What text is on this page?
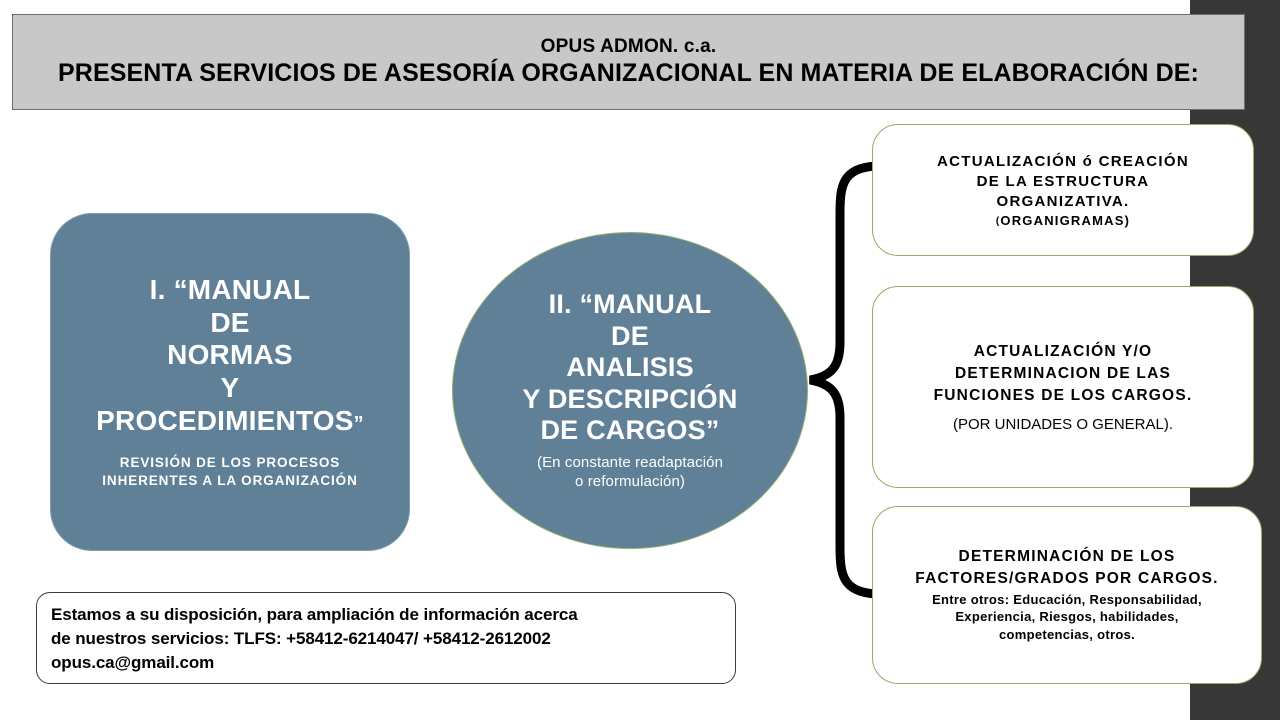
OPUS ADMON. c.a.
PRESENTA SERVICIOS DE ASESORÍA ORGANIZACIONAL EN MATERIA DE ELABORACIÓN DE:
I. “MANUAL
DE
NORMAS
Y
PROCEDIMIENTOS”
REVISIÓN DE LOS PROCESOS
INHERENTES A LA ORGANIZACIÓN
II. “MANUAL
DE
ANALISIS
Y DESCRIPCIÓN
DE CARGOS”
(En constante readaptación
o reformulación)
ACTUALIZACIÓN ó CREACIÓN
DE LA ESTRUCTURA
ORGANIZATIVA.
(ORGANIGRAMAS)
ACTUALIZACIÓN Y/O
DETERMINACION DE LAS
FUNCIONES DE LOS CARGOS.
(POR UNIDADES O GENERAL).
DETERMINACIÓN DE LOS
FACTORES/GRADOS POR CARGOS.
Entre otros: Educación, Responsabilidad,
Experiencia, Riesgos, habilidades,
competencias, otros.

Estamos a su disposición, para ampliación de información acerca

de nuestros servicios: TLFS: +58412-6214047/ +58412-2612002

opus.ca@gmail.com
